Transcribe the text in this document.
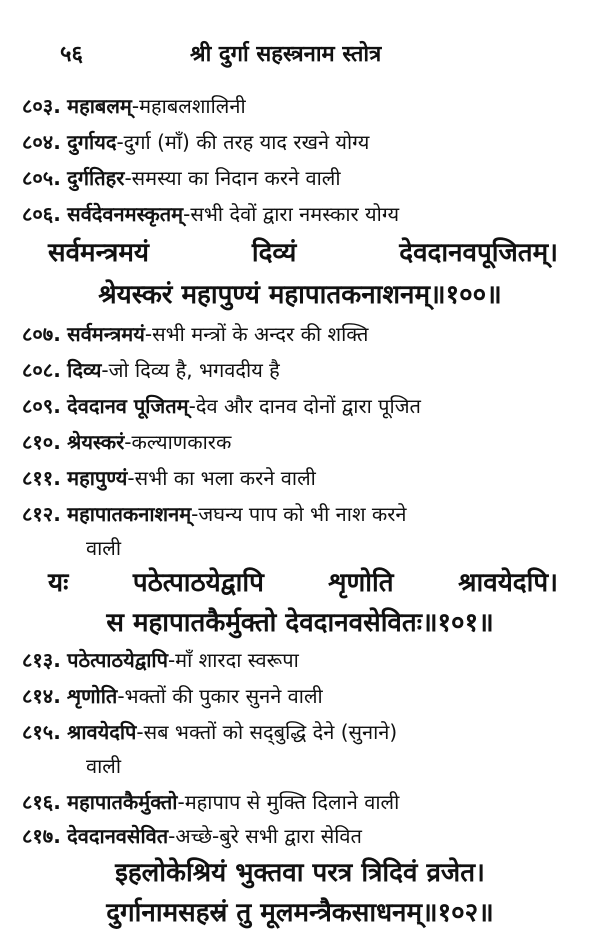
५६	श्री दुर्गा सहस्त्रनाम स्तोत्र
८०३. महाबलम्-महाबलशालिनी
८०४. दुर्गायद-दुर्गा (माँ) की तरह याद रखने योग्य
८०५. दुर्गतिहर-समस्या का निदान करने वाली
८०६. सर्वदेवनमस्कृतम्-सभी देवों द्वारा नमस्कार योग्य
सर्वमन्त्रमयं	दिव्यं	देवदानवपूजितम्।
श्रेयस्करं महापुण्यं महापातकनाशनम्॥१००॥
८०७. सर्वमन्त्रमयं-सभी मन्त्रों के अन्दर की शक्ति
८०८. दिव्य-जो दिव्य है, भगवदीय है
८०९. देवदानव पूजितम्-देव और दानव दोनों द्वारा पूजित
८१०. श्रेयस्करं-कल्याणकारक
८११. महापुण्यं-सभी का भला करने वाली
८१२. महापातकनाशनम्-जघन्य पाप को भी नाश करने
वाली
यः पठेत्पाठयेद्वापि शृणोति श्रावयेदपि।
स महापातकैर्मुक्तो देवदानवसेवितः॥१०१॥
८१३. पठेत्पाठयेद्वापि-माँ शारदा स्वरूपा
८१४. शृणोति-भक्तों की पुकार सुनने वाली
८१५. श्रावयेदपि-सब भक्तों को सद्‌बुद्धि देने (सुनाने)
वाली
८१६. महापातकैर्मुक्तो-महापाप से मुक्ति दिलाने वाली
८१७. देवदानवसेवित-अच्छे-बुरे सभी द्वारा सेवित
इहलोकेश्रियं भुक्तवा परत्र त्रिदिवं व्रजेत।
दुर्गानामसहस्रं तु मूलमन्त्रैकसाधनम्॥१०२॥
